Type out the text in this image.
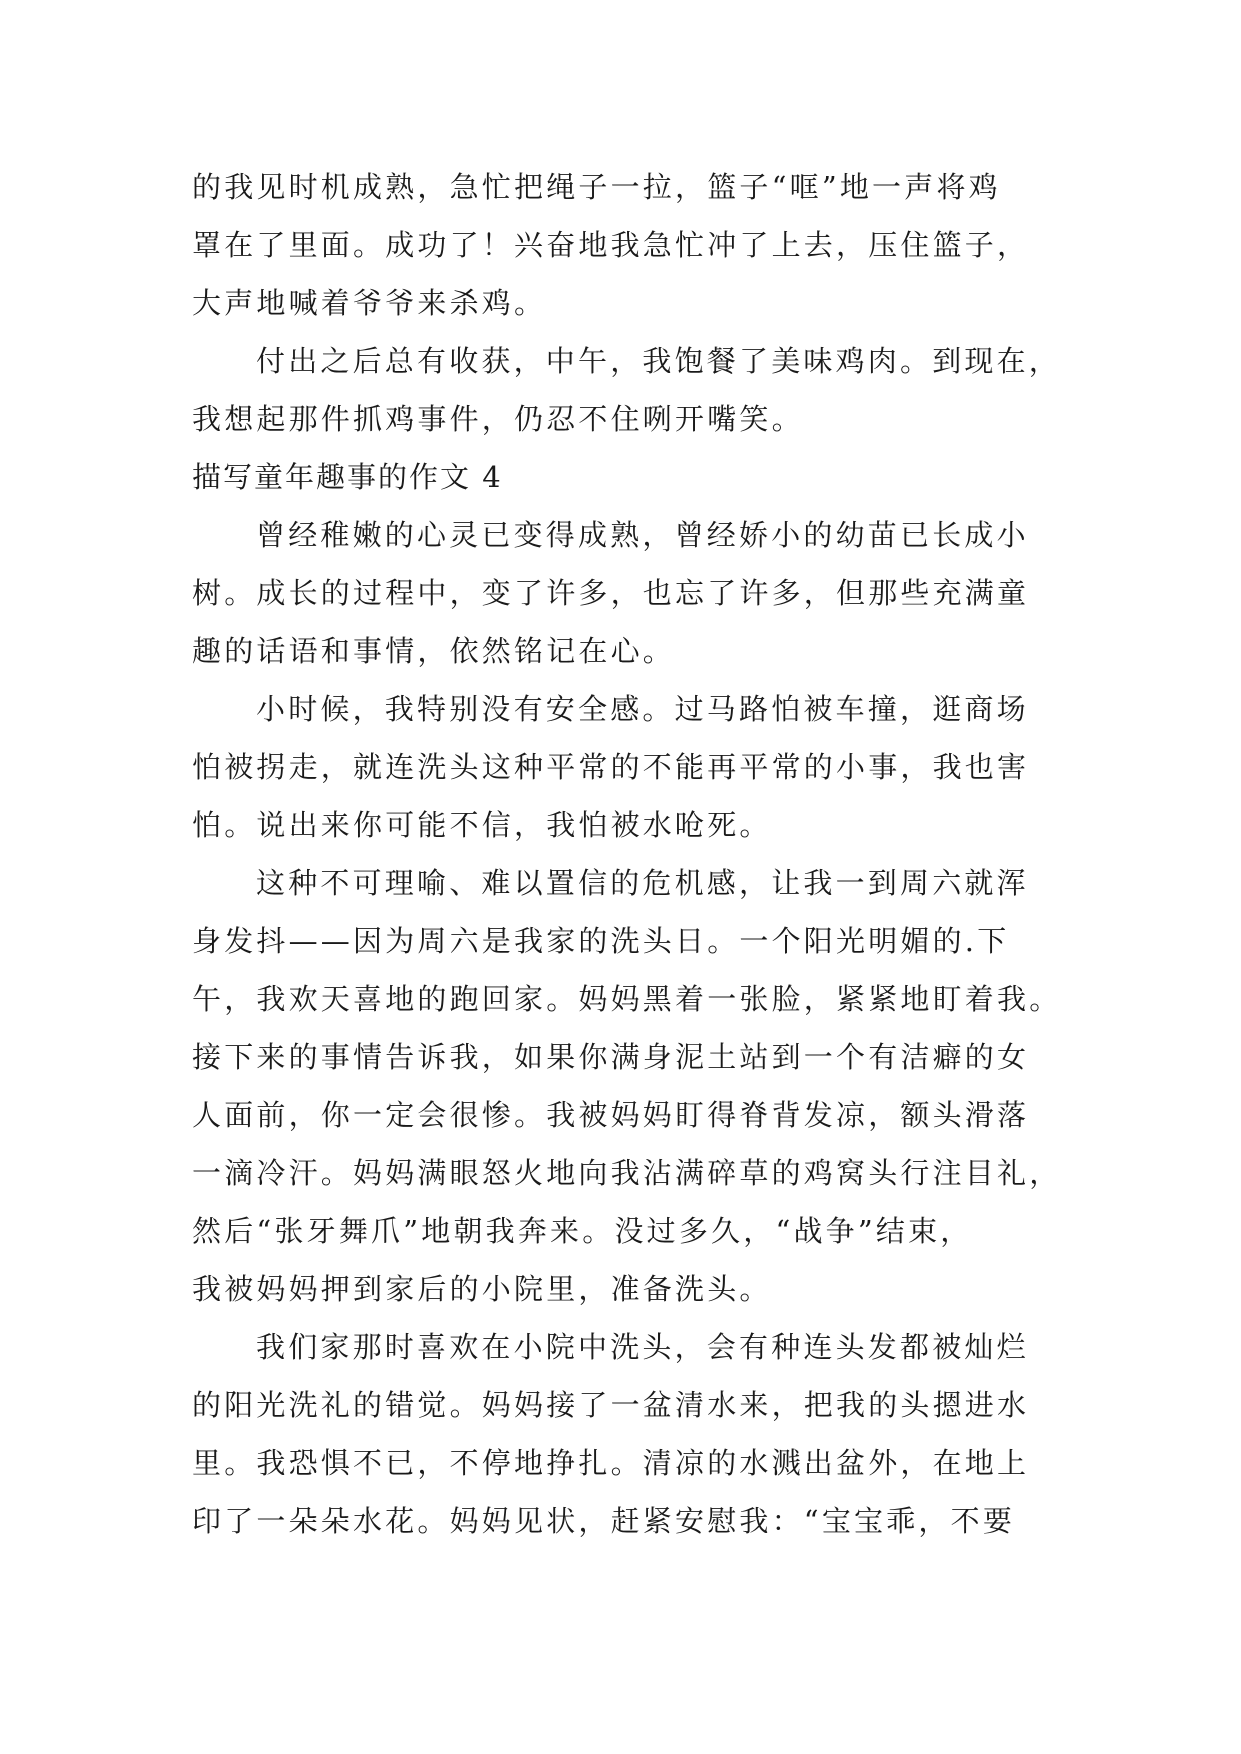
的我见时机成熟，急忙把绳子一拉，篮子“哐”地一声将鸡
罩在了里面。成功了！兴奋地我急忙冲了上去，压住篮子，
大声地喊着爷爷来杀鸡。
付出之后总有收获，中午，我饱餐了美味鸡肉。到现在，
我想起那件抓鸡事件，仍忍不住咧开嘴笑。
描写童年趣事的作文 4
曾经稚嫩的心灵已变得成熟，曾经娇小的幼苗已长成小
树。成长的过程中，变了许多，也忘了许多，但那些充满童
趣的话语和事情，依然铭记在心。
小时候，我特别没有安全感。过马路怕被车撞，逛商场
怕被拐走，就连洗头这种平常的不能再平常的小事，我也害
怕。说出来你可能不信，我怕被水呛死。
这种不可理喻、难以置信的危机感，让我一到周六就浑
身发抖——因为周六是我家的洗头日。一个阳光明媚的.下
午，我欢天喜地的跑回家。妈妈黑着一张脸，紧紧地盯着我。
接下来的事情告诉我，如果你满身泥土站到一个有洁癖的女
人面前，你一定会很惨。我被妈妈盯得脊背发凉，额头滑落
一滴冷汗。妈妈满眼怒火地向我沾满碎草的鸡窝头行注目礼，
然后“张牙舞爪”地朝我奔来。没过多久，“战争”结束，
我被妈妈押到家后的小院里，准备洗头。
我们家那时喜欢在小院中洗头，会有种连头发都被灿烂
的阳光洗礼的错觉。妈妈接了一盆清水来，把我的头摁进水
里。我恐惧不已，不停地挣扎。清凉的水溅出盆外，在地上
印了一朵朵水花。妈妈见状，赶紧安慰我：“宝宝乖，不要
